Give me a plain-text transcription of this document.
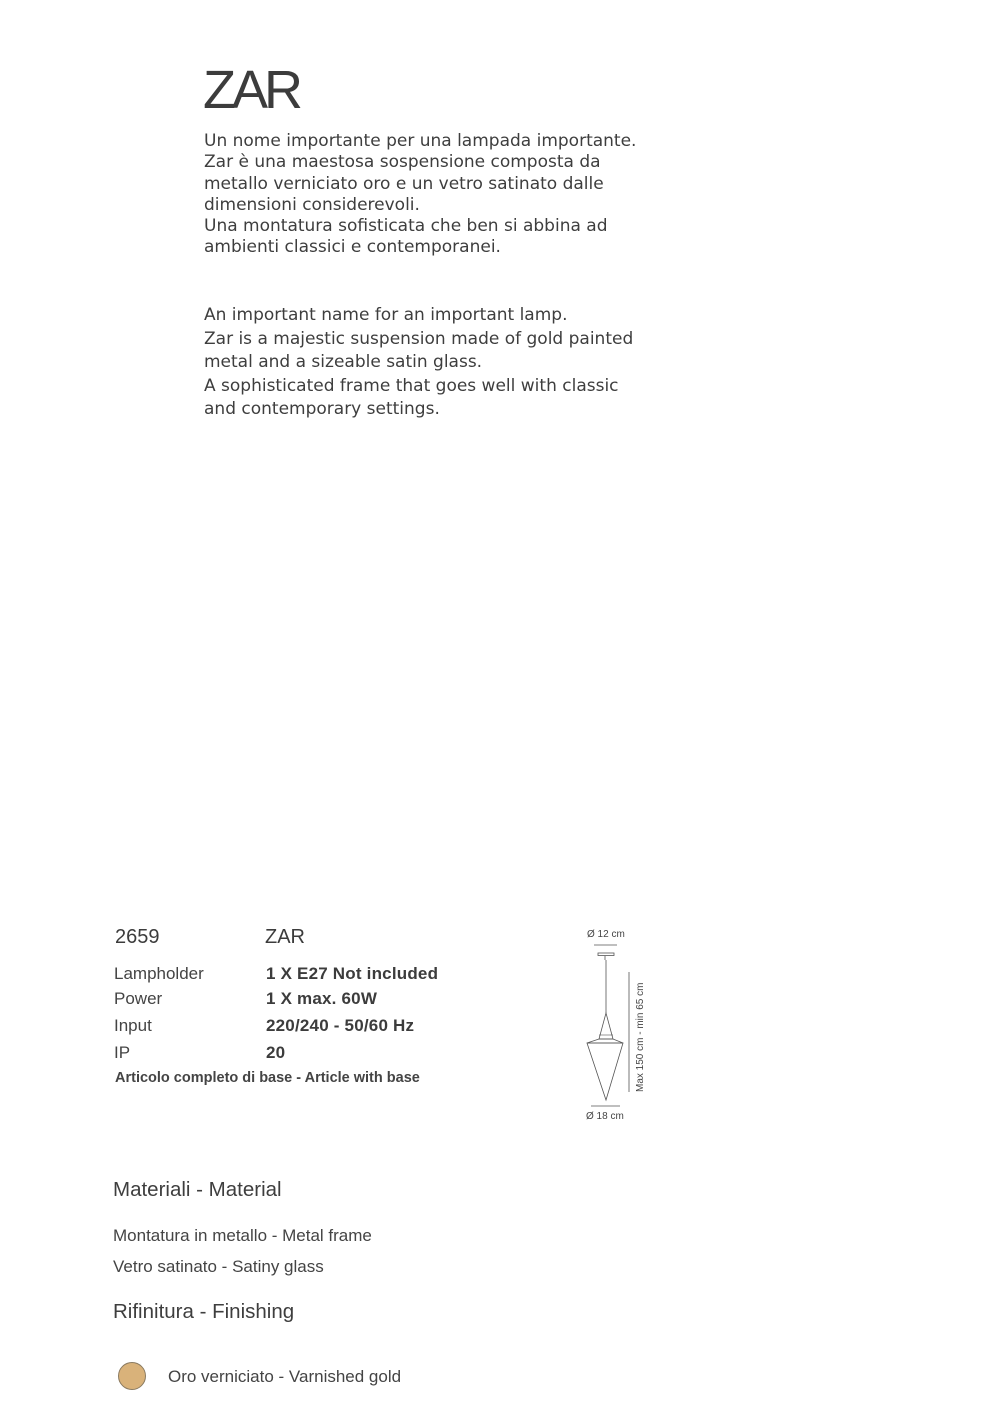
ZAR
Un nome importante per una lampada importante.
Zar è una maestosa sospensione composta da
metallo verniciato oro e un vetro satinato dalle
dimensioni considerevoli.
Una montatura sofisticata che ben si abbina ad
ambienti classici e contemporanei.
An important name for an important lamp.
Zar is a majestic suspension made of gold painted
metal and a sizeable satin glass.
A sophisticated frame that goes well with classic
and contemporary settings.
2659	ZAR
Lampholder	1 X E27 Not included
Power	1 X max. 60W
Input	220/240 - 50/60 Hz
IP	20
Articolo completo di base - Article with base
Ø 12 cm
Ø 18 cm
Max 150 cm - min 65 cm
Materiali - Material
Montatura in metallo - Metal frame
Vetro satinato - Satiny glass
Rifinitura - Finishing
Oro verniciato - Varnished gold
